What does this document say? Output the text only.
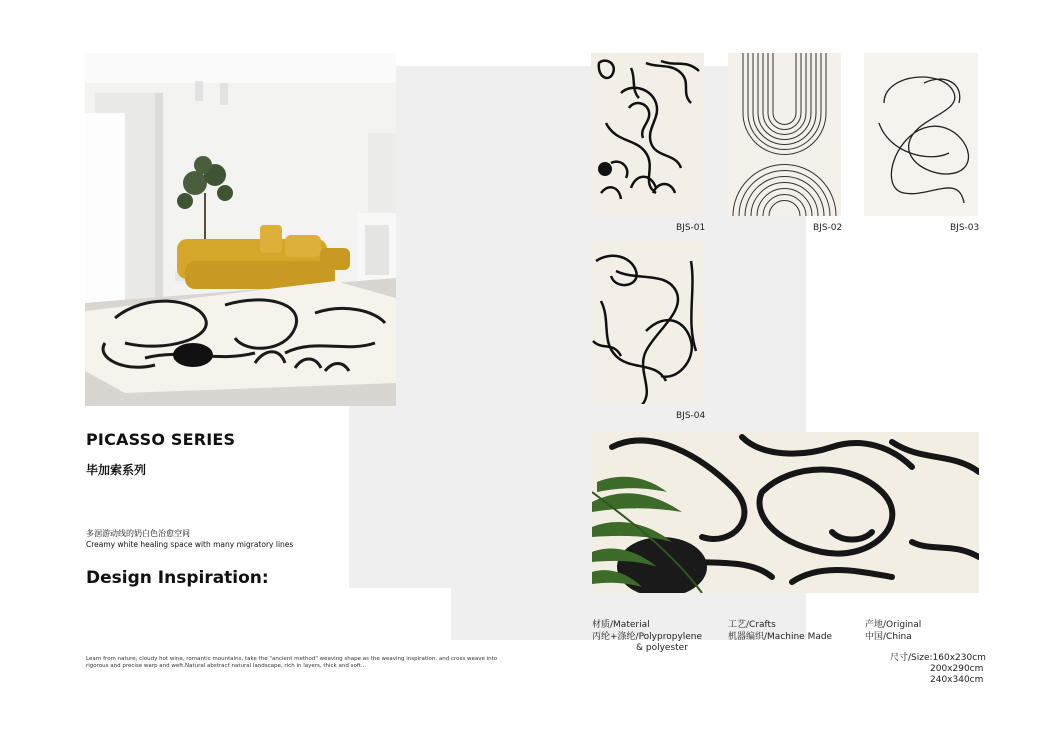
BJS-01	BJS-02	BJS-03
BJS-04
PICASSO SERIES
毕加索系列
多洄游动线的奶白色治愈空间
Creamy white healing space with many migratory lines
Design Inspiration:
Learn from nature, cloudy hot wine, romantic mountains, take the "ancient method" weaving shape as the weaving inspiration, and cross weave into rigorous and precise warp and weft.Natural abstract natural landscape, rich in layers, thick and soft...
材质/Material
丙纶+涤纶/Polypropylene
& polyester
工艺/Crafts
机器编织/Machine Made
产地/Original
中国/China
尺寸/Size:160x230cm
200x290cm
240x340cm
